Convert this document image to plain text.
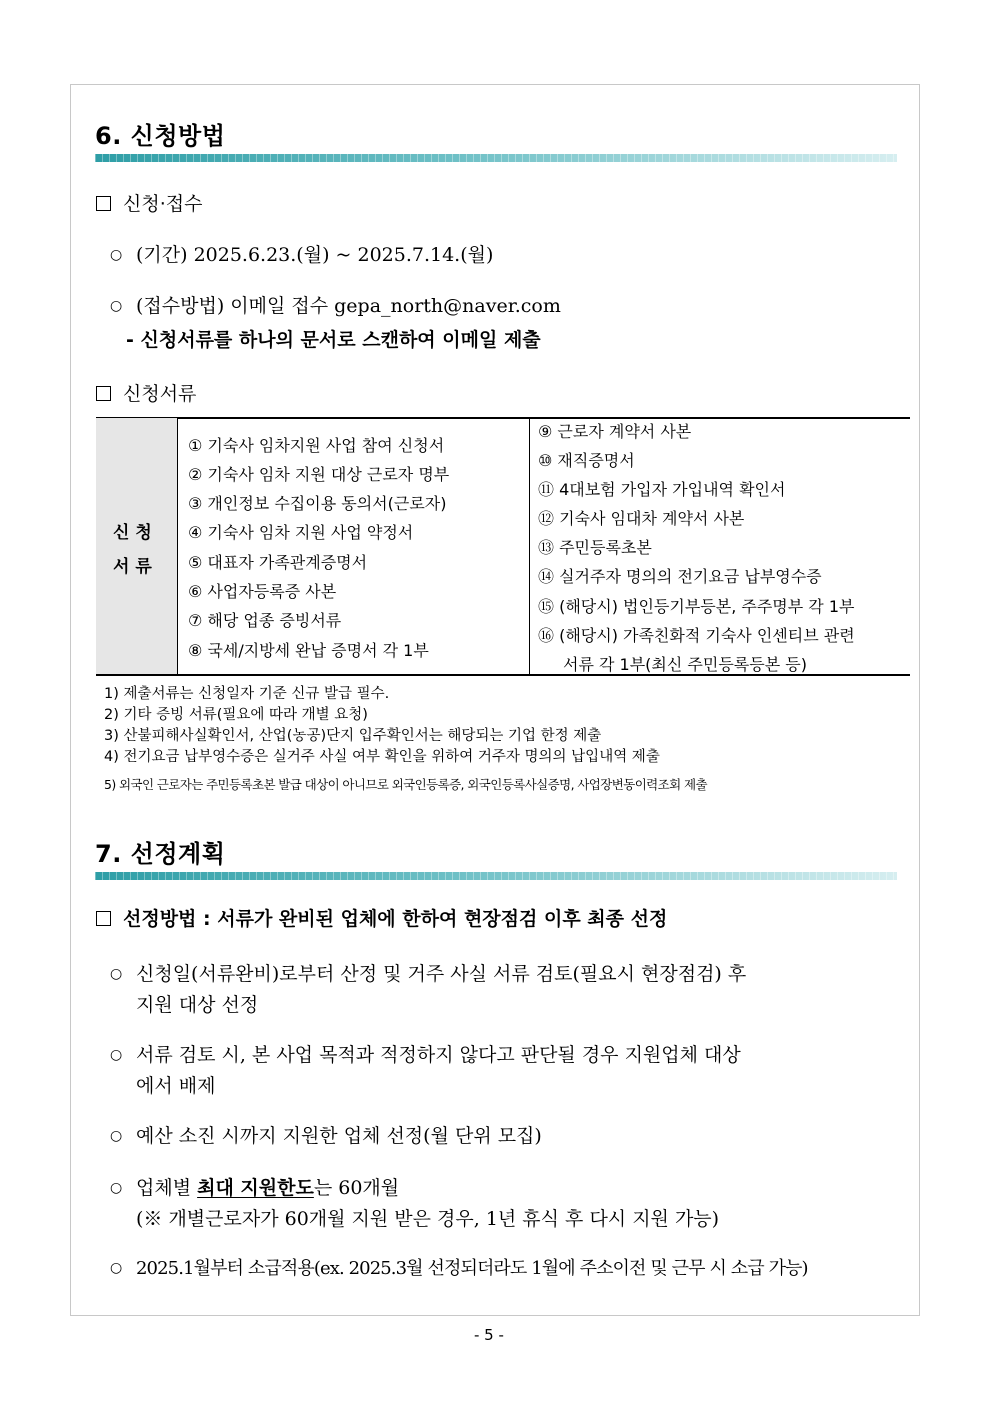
6. 신청방법
신청·접수
○ (기간) 2025.6.23.(월) ~ 2025.7.14.(월)
○ (접수방법) 이메일 접수 gepa_north@naver.com
- 신청서류를 하나의 문서로 스캔하여 이메일 제출
신청서류
신 청
서 류
① 기숙사 임차지원 사업 참여 신청서
② 기숙사 임차 지원 대상 근로자 명부
③ 개인정보 수집이용 동의서(근로자)
④ 기숙사 임차 지원 사업 약정서
⑤ 대표자 가족관계증명서
⑥ 사업자등록증 사본
⑦ 해당 업종 증빙서류
⑧ 국세/지방세 완납 증명서 각 1부
⑨ 근로자 계약서 사본
⑩ 재직증명서
⑪ 4대보험 가입자 가입내역 확인서
⑫ 기숙사 임대차 계약서 사본
⑬ 주민등록초본
⑭ 실거주자 명의의 전기요금 납부영수증
⑮ (해당시) 법인등기부등본, 주주명부 각 1부
⑯ (해당시) 가족친화적 기숙사 인센티브 관련
서류 각 1부(최신 주민등록등본 등)
1) 제출서류는 신청일자 기준 신규 발급 필수.
2) 기타 증빙 서류(필요에 따라 개별 요청)
3) 산불피해사실확인서, 산업(농공)단지 입주확인서는 해당되는 기업 한정 제출
4) 전기요금 납부영수증은 실거주 사실 여부 확인을 위하여 거주자 명의의 납입내역 제출
5) 외국인 근로자는 주민등록초본 발급 대상이 아니므로 외국인등록증, 외국인등록사실증명, 사업장변동이력조회 제출
7. 선정계획
선정방법 : 서류가 완비된 업체에 한하여 현장점검 이후 최종 선정
○ 신청일(서류완비)로부터 산정 및 거주 사실 서류 검토(필요시 현장점검) 후
지원 대상 선정
○ 서류 검토 시, 본 사업 목적과 적정하지 않다고 판단될 경우 지원업체 대상
에서 배제
○ 예산 소진 시까지 지원한 업체 선정(월 단위 모집)
○ 업체별 최대 지원한도는 60개월
(※ 개별근로자가 60개월 지원 받은 경우, 1년 휴식 후 다시 지원 가능)
○ 2025.1월부터 소급적용(ex. 2025.3월 선정되더라도 1월에 주소이전 및 근무 시 소급 가능)
- 5 -
